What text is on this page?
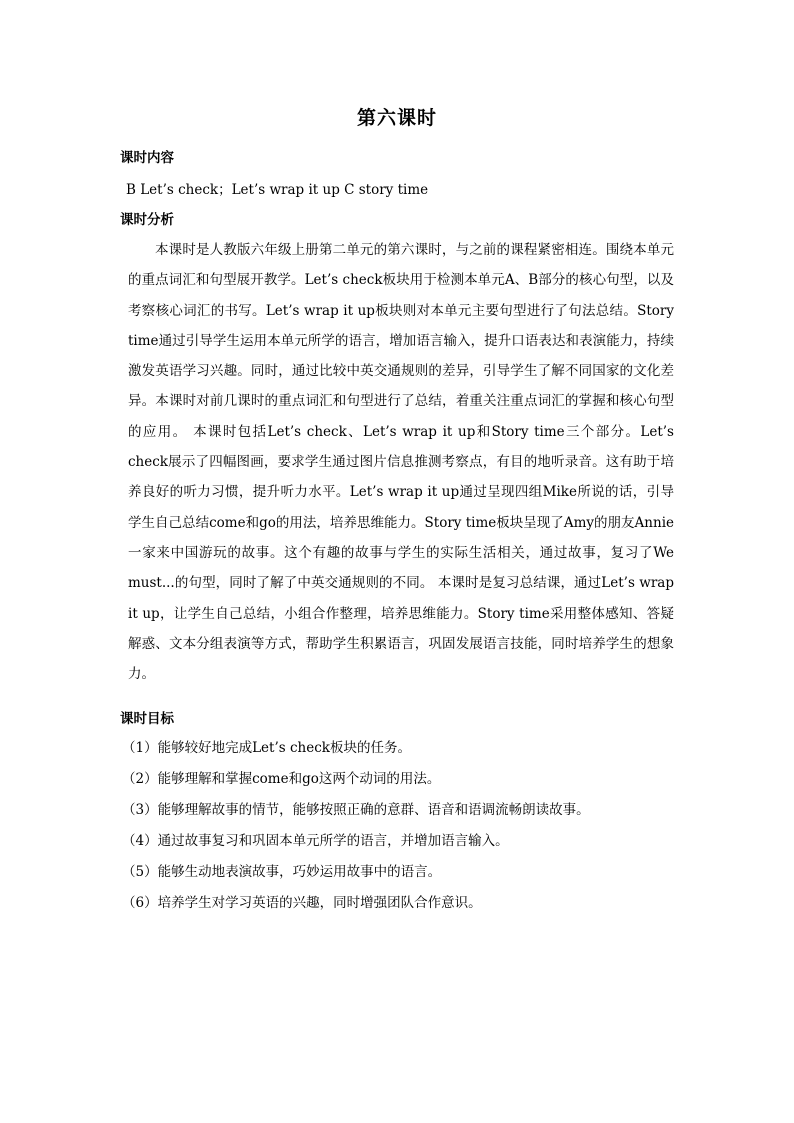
第六课时
课时内容
B Let’s check；Let’s wrap it up C story time
课时分析

本课时是人教版六年级上册第二单元的第六课时，与之前的课程紧密相连。围绕本单元的重点词汇和句型展开教学。Let’s check板块用于检测本单元A、B部分的核心句型，以及考察核心词汇的书写。Let’s wrap it up板块则对本单元主要句型进行了句法总结。Story time通过引导学生运用本单元所学的语言，增加语言输入，提升口语表达和表演能力，持续激发英语学习兴趣。同时，通过比较中英交通规则的差异，引导学生了解不同国家的文化差异。本课时对前几课时的重点词汇和句型进行了总结，着重关注重点词汇的掌握和核心句型的应用。 本课时包括Let’s check、Let’s wrap it up和Story time三个部分。Let’s check展示了四幅图画，要求学生通过图片信息推测考察点，有目的地听录音。这有助于培养良好的听力习惯，提升听力水平。Let’s wrap it up通过呈现四组Mike所说的话，引导学生自己总结come和go的用法，培养思维能力。Story time板块呈现了Amy的朋友Annie一家来中国游玩的故事。这个有趣的故事与学生的实际生活相关，通过故事，复习了We must...的句型，同时了解了中英交通规则的不同。 本课时是复习总结课，通过Let’s wrap it up，让学生自己总结，小组合作整理，培养思维能力。Story time采用整体感知、答疑解惑、文本分组表演等方式，帮助学生积累语言，巩固发展语言技能，同时培养学生的想象力。

课时目标
（1）能够较好地完成Let’s check板块的任务。
（2）能够理解和掌握come和go这两个动词的用法。
（3）能够理解故事的情节，能够按照正确的意群、语音和语调流畅朗读故事。
（4）通过故事复习和巩固本单元所学的语言，并增加语言输入。
（5）能够生动地表演故事，巧妙运用故事中的语言。
（6）培养学生对学习英语的兴趣，同时增强团队合作意识。
